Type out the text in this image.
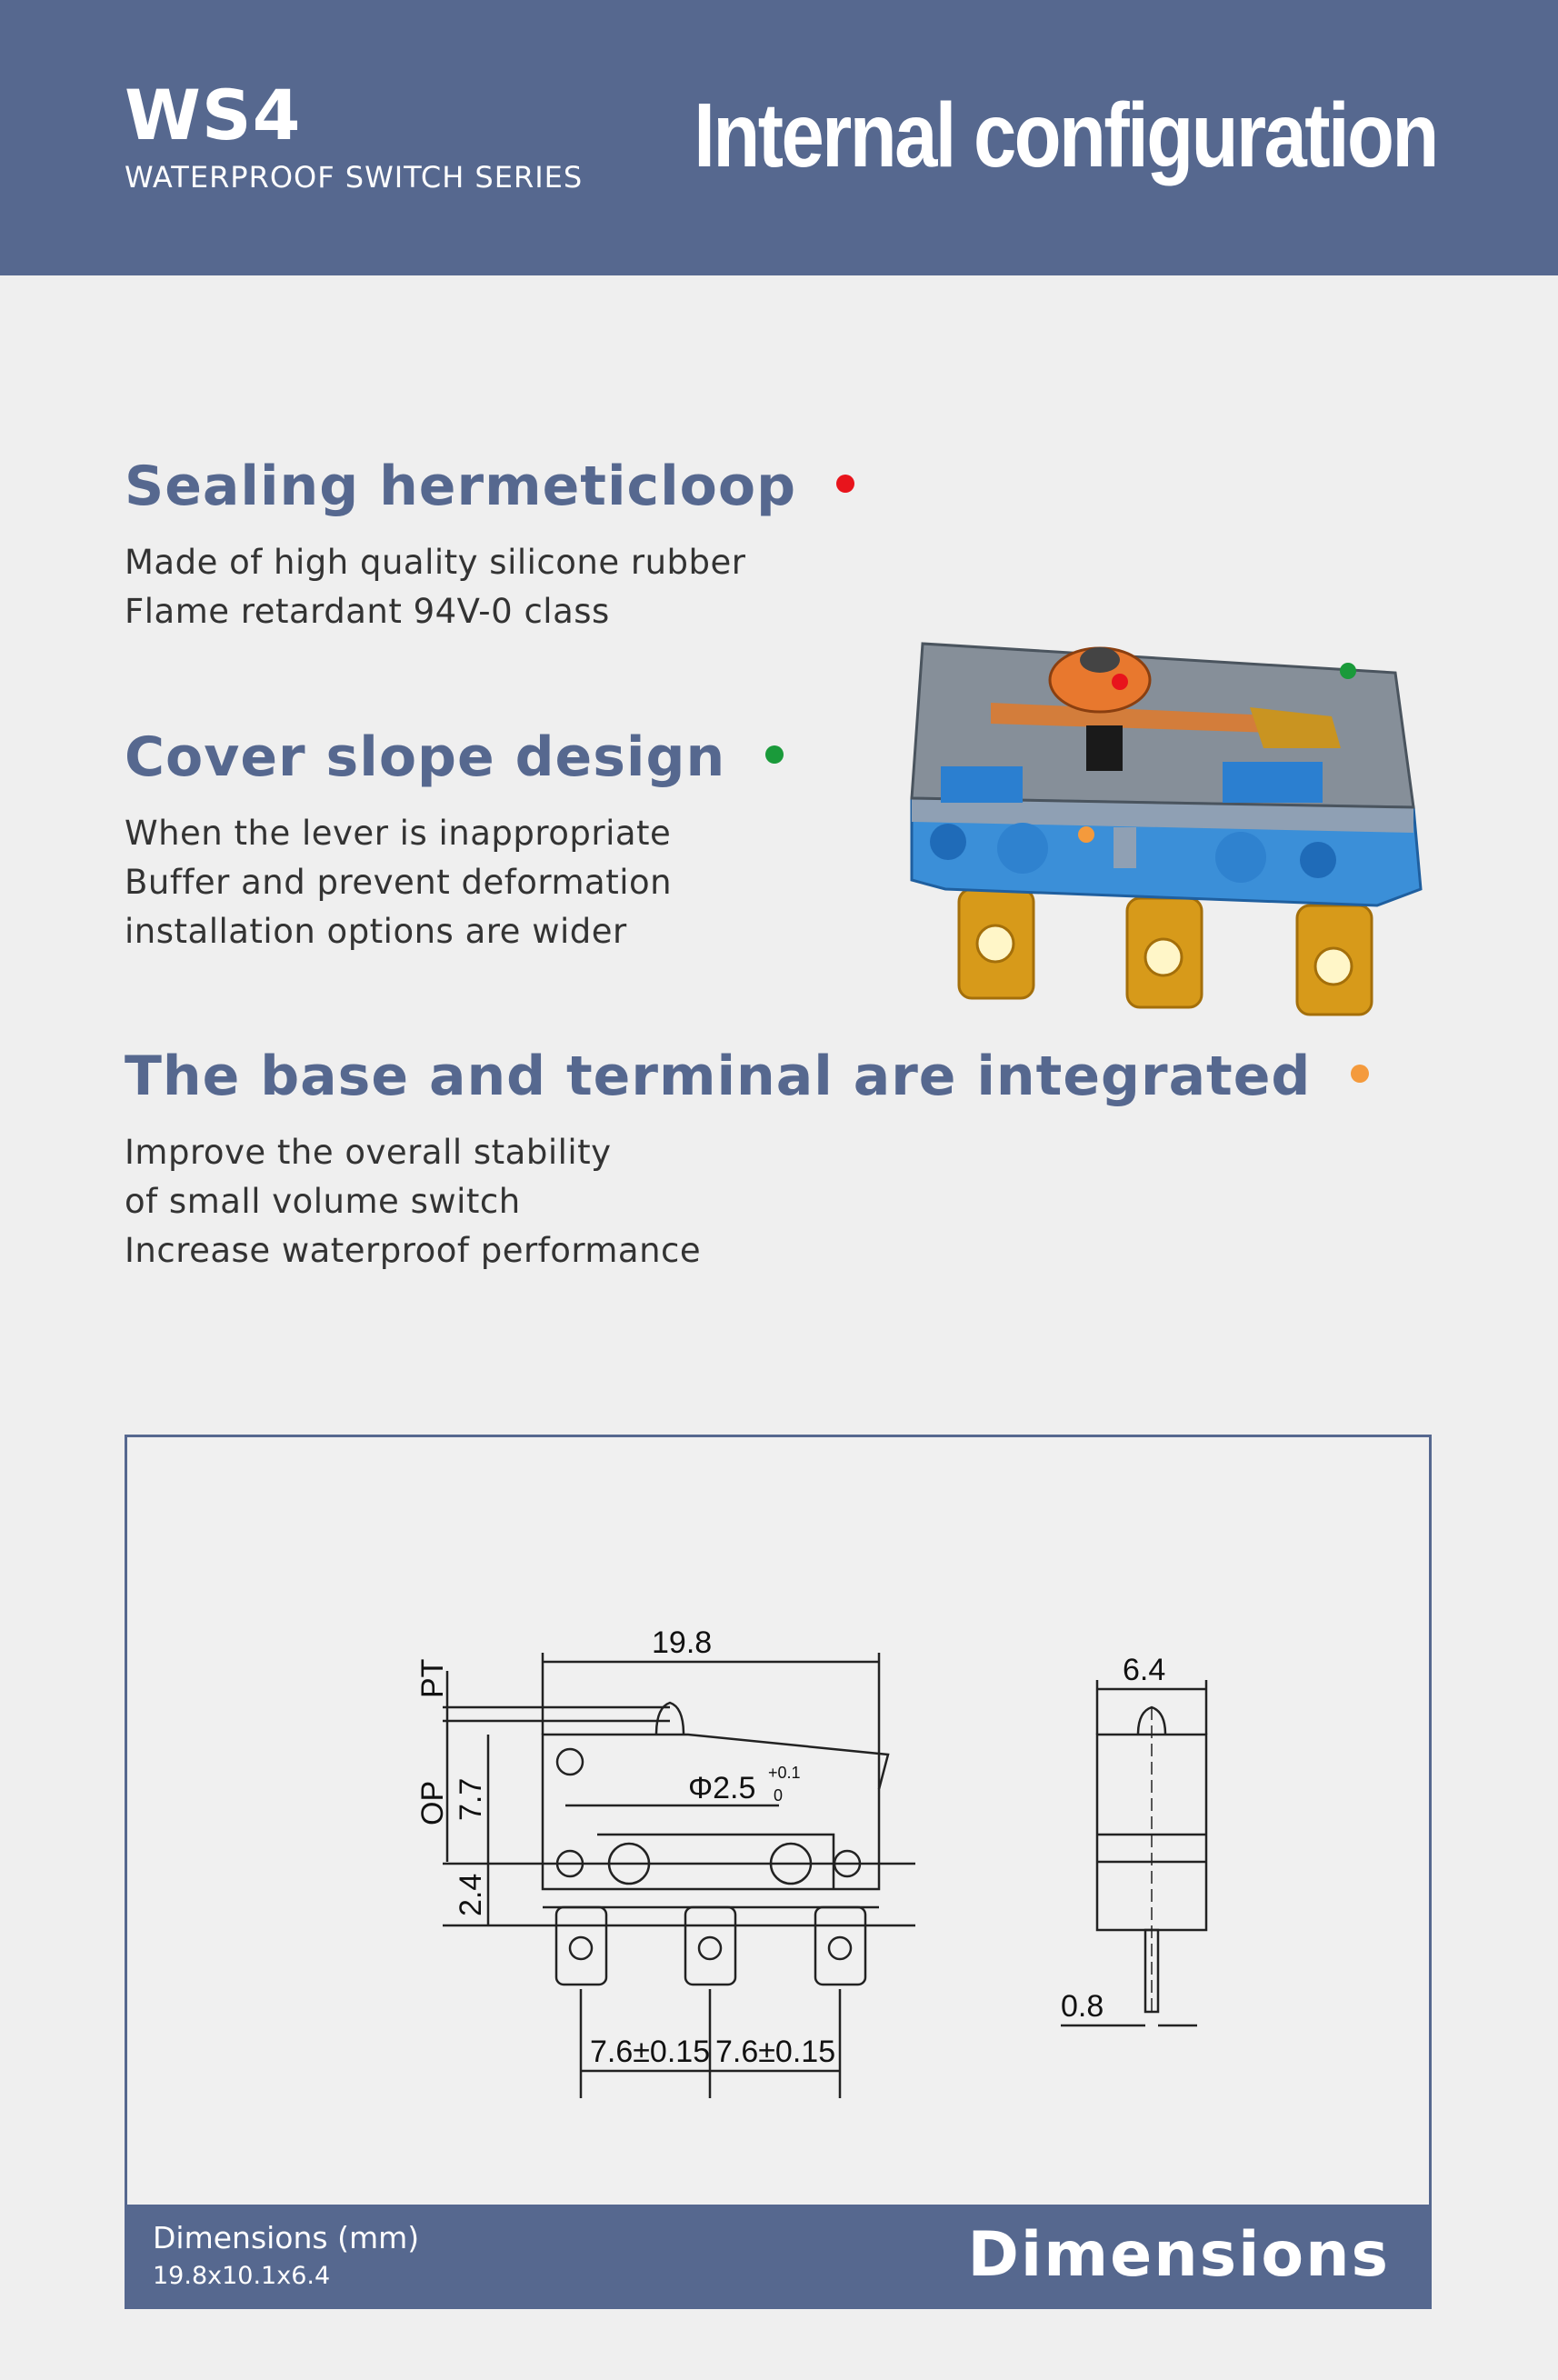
WS4
WATERPROOF SWITCH SERIES Internal configuration
Sealing hermeticloop
Made of high quality silicone rubber
Flame retardant 94V-0 class
Cover slope design
When the lever is inappropriate
Buffer and prevent deformation
installation options are wider
The base and terminal are integrated
Improve the overall stability
of small volume switch
Increase waterproof performance
19.8
PT
OP 7.7
2.4
Φ2.5 +0.1
0
7.6±0.15 7.6±0.15
6.4
0.8
Dimensions (mm)
19.8x10.1x6.4	Dimensions
